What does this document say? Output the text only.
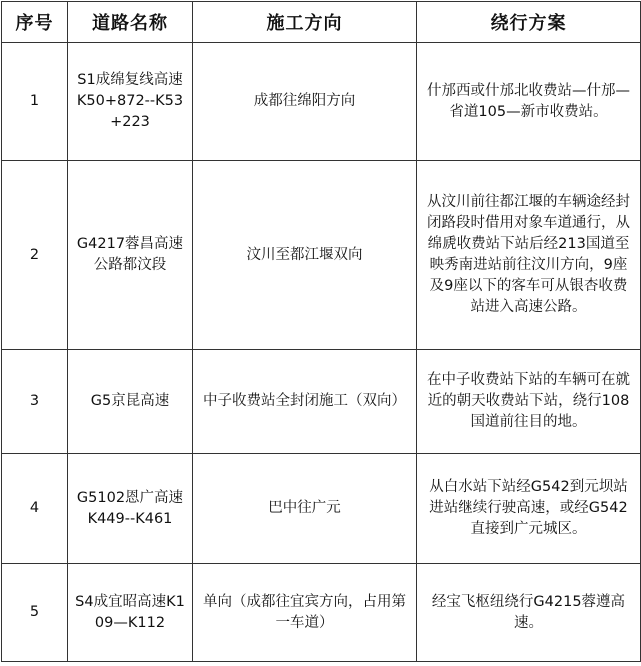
序号	道路名称	施工方向	绕行方案
1	S1成绵复线高速K50+872--K53+223	成都往绵阳方向	什邡西或什邡北收费站—什邡—省道105—新市收费站。
2	G4217蓉昌高速公路都汶段	汶川至都江堰双向	从汶川前往都江堰的车辆途经封闭路段时借用对象车道通行，从绵虒收费站下站后经213国道至映秀南进站前往汶川方向，9座及9座以下的客车可从银杏收费站进入高速公路。
3	G5京昆高速	中子收费站全封闭施工（双向）	在中子收费站下站的车辆可在就近的朝天收费站下站，绕行108国道前往目的地。
4	G5102恩广高速K449--K461	巴中往广元	从白水站下站经G542到元坝站进站继续行驶高速，或经G542直接到广元城区。
5	S4成宜昭高速K109—K112	单向（成都往宜宾方向，占用第一车道）	经宝飞枢纽绕行G4215蓉遵高速。
